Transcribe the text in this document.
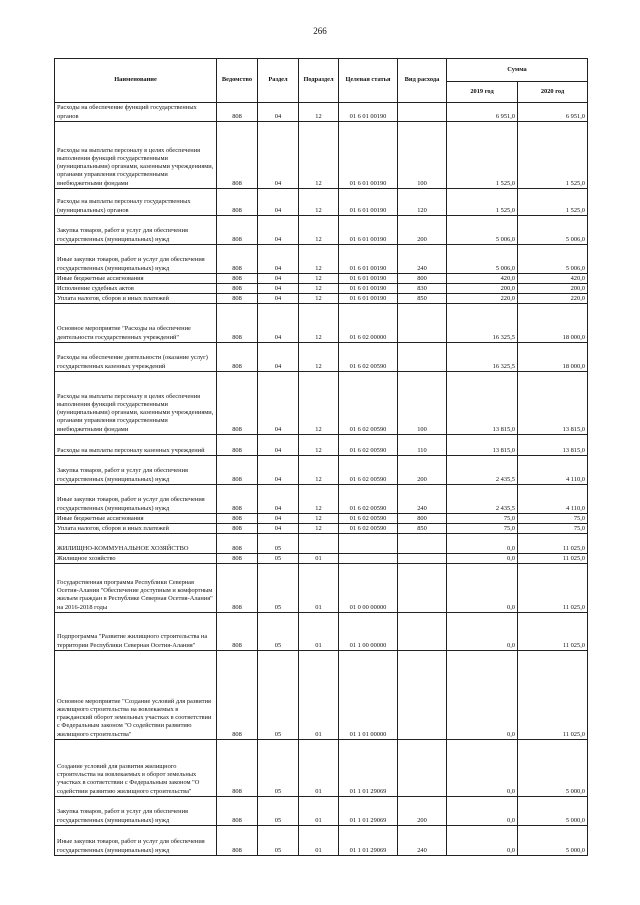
266
Наименование	Ведомство	Раздел	Подраздел	Целевая статья	Вид расхода	Сумма	
						2019 год	2020 год
Расходы на обеспечение функций государственных органов	808	04	12	01 6 01 00190		6 951,0	6 951,0
Расходы на выплаты персоналу в целях обеспечения выполнения функций государственными (муниципальными) органами, казенными учреждениями, органами управления государственными внебюджетными фондами	808	04	12	01 6 01 00190	100	1 525,0	1 525,0
Расходы на выплаты персоналу государственных (муниципальных) органов	808	04	12	01 6 01 00190	120	1 525,0	1 525,0
Закупка товаров, работ и услуг для обеспечения государственных (муниципальных) нужд	808	04	12	01 6 01 00190	200	5 006,0	5 006,0
Иные закупки товаров, работ и услуг для обеспечения государственных (муниципальных) нужд	808	04	12	01 6 01 00190	240	5 006,0	5 006,0
Иные бюджетные ассигнования	808	04	12	01 6 01 00190	800	420,0	420,0
Исполнение судебных актов	808	04	12	01 6 01 00190	830	200,0	200,0
Уплата налогов, сборов и иных платежей	808	04	12	01 6 01 00190	850	220,0	220,0
Основное мероприятие "Расходы на обеспечение деятельности государственных учреждений"	808	04	12	01 6 02 00000		16 325,5	18 000,0
Расходы на обеспечение деятельности (оказание услуг) государственных казенных учреждений	808	04	12	01 6 02 00590		16 325,5	18 000,0
Расходы на выплаты персоналу в целях обеспечения выполнения функций государственными (муниципальными) органами, казенными учреждениями, органами управления государственными внебюджетными фондами	808	04	12	01 6 02 00590	100	13 815,0	13 815,0
Расходы на выплаты персоналу казенных учреждений	808	04	12	01 6 02 00590	110	13 815,0	13 815,0
Закупка товаров, работ и услуг для обеспечения государственных (муниципальных) нужд	808	04	12	01 6 02 00590	200	2 435,5	4 110,0
Иные закупки товаров, работ и услуг для обеспечения государственных (муниципальных) нужд	808	04	12	01 6 02 00590	240	2 435,5	4 110,0
Иные бюджетные ассигнования	808	04	12	01 6 02 00590	800	75,0	75,0
Уплата налогов, сборов и иных платежей	808	04	12	01 6 02 00590	850	75,0	75,0
ЖИЛИЩНО-КОММУНАЛЬНОЕ ХОЗЯЙСТВО	808	05				0,0	11 025,0
Жилищное хозяйство	808	05	01			0,0	11 025,0
Государственная программа Республики Северная Осетия-Алания "Обеспечение доступным и комфортным жильем граждан в Республике Северная Осетия-Алания" на 2016-2018 годы	808	05	01	01 0 00 00000		0,0	11 025,0
Подпрограмма "Развитие жилищного строительства на территории Республики Северная Осетия-Алания"	808	05	01	01 1 00 00000		0,0	11 025,0
Основное мероприятие "Создание условий для развития жилищного строительства на вовлекаемых в гражданский оборот земельных участках в соответствии с Федеральным законом "О содействии развитию жилищного строительства"	808	05	01	01 1 01 00000		0,0	11 025,0
Создание условий для развития жилищного строительства на вовлекаемых в оборот земельных участках в соответствии с Федеральным законом "О содействии развитию жилищного строительства"	808	05	01	01 1 01 29069		0,0	5 000,0
Закупка товаров, работ и услуг для обеспечения государственных (муниципальных) нужд	808	05	01	01 1 01 29069	200	0,0	5 000,0
Иные закупки товаров, работ и услуг для обеспечения государственных (муниципальных) нужд	808	05	01	01 1 01 29069	240	0,0	5 000,0
